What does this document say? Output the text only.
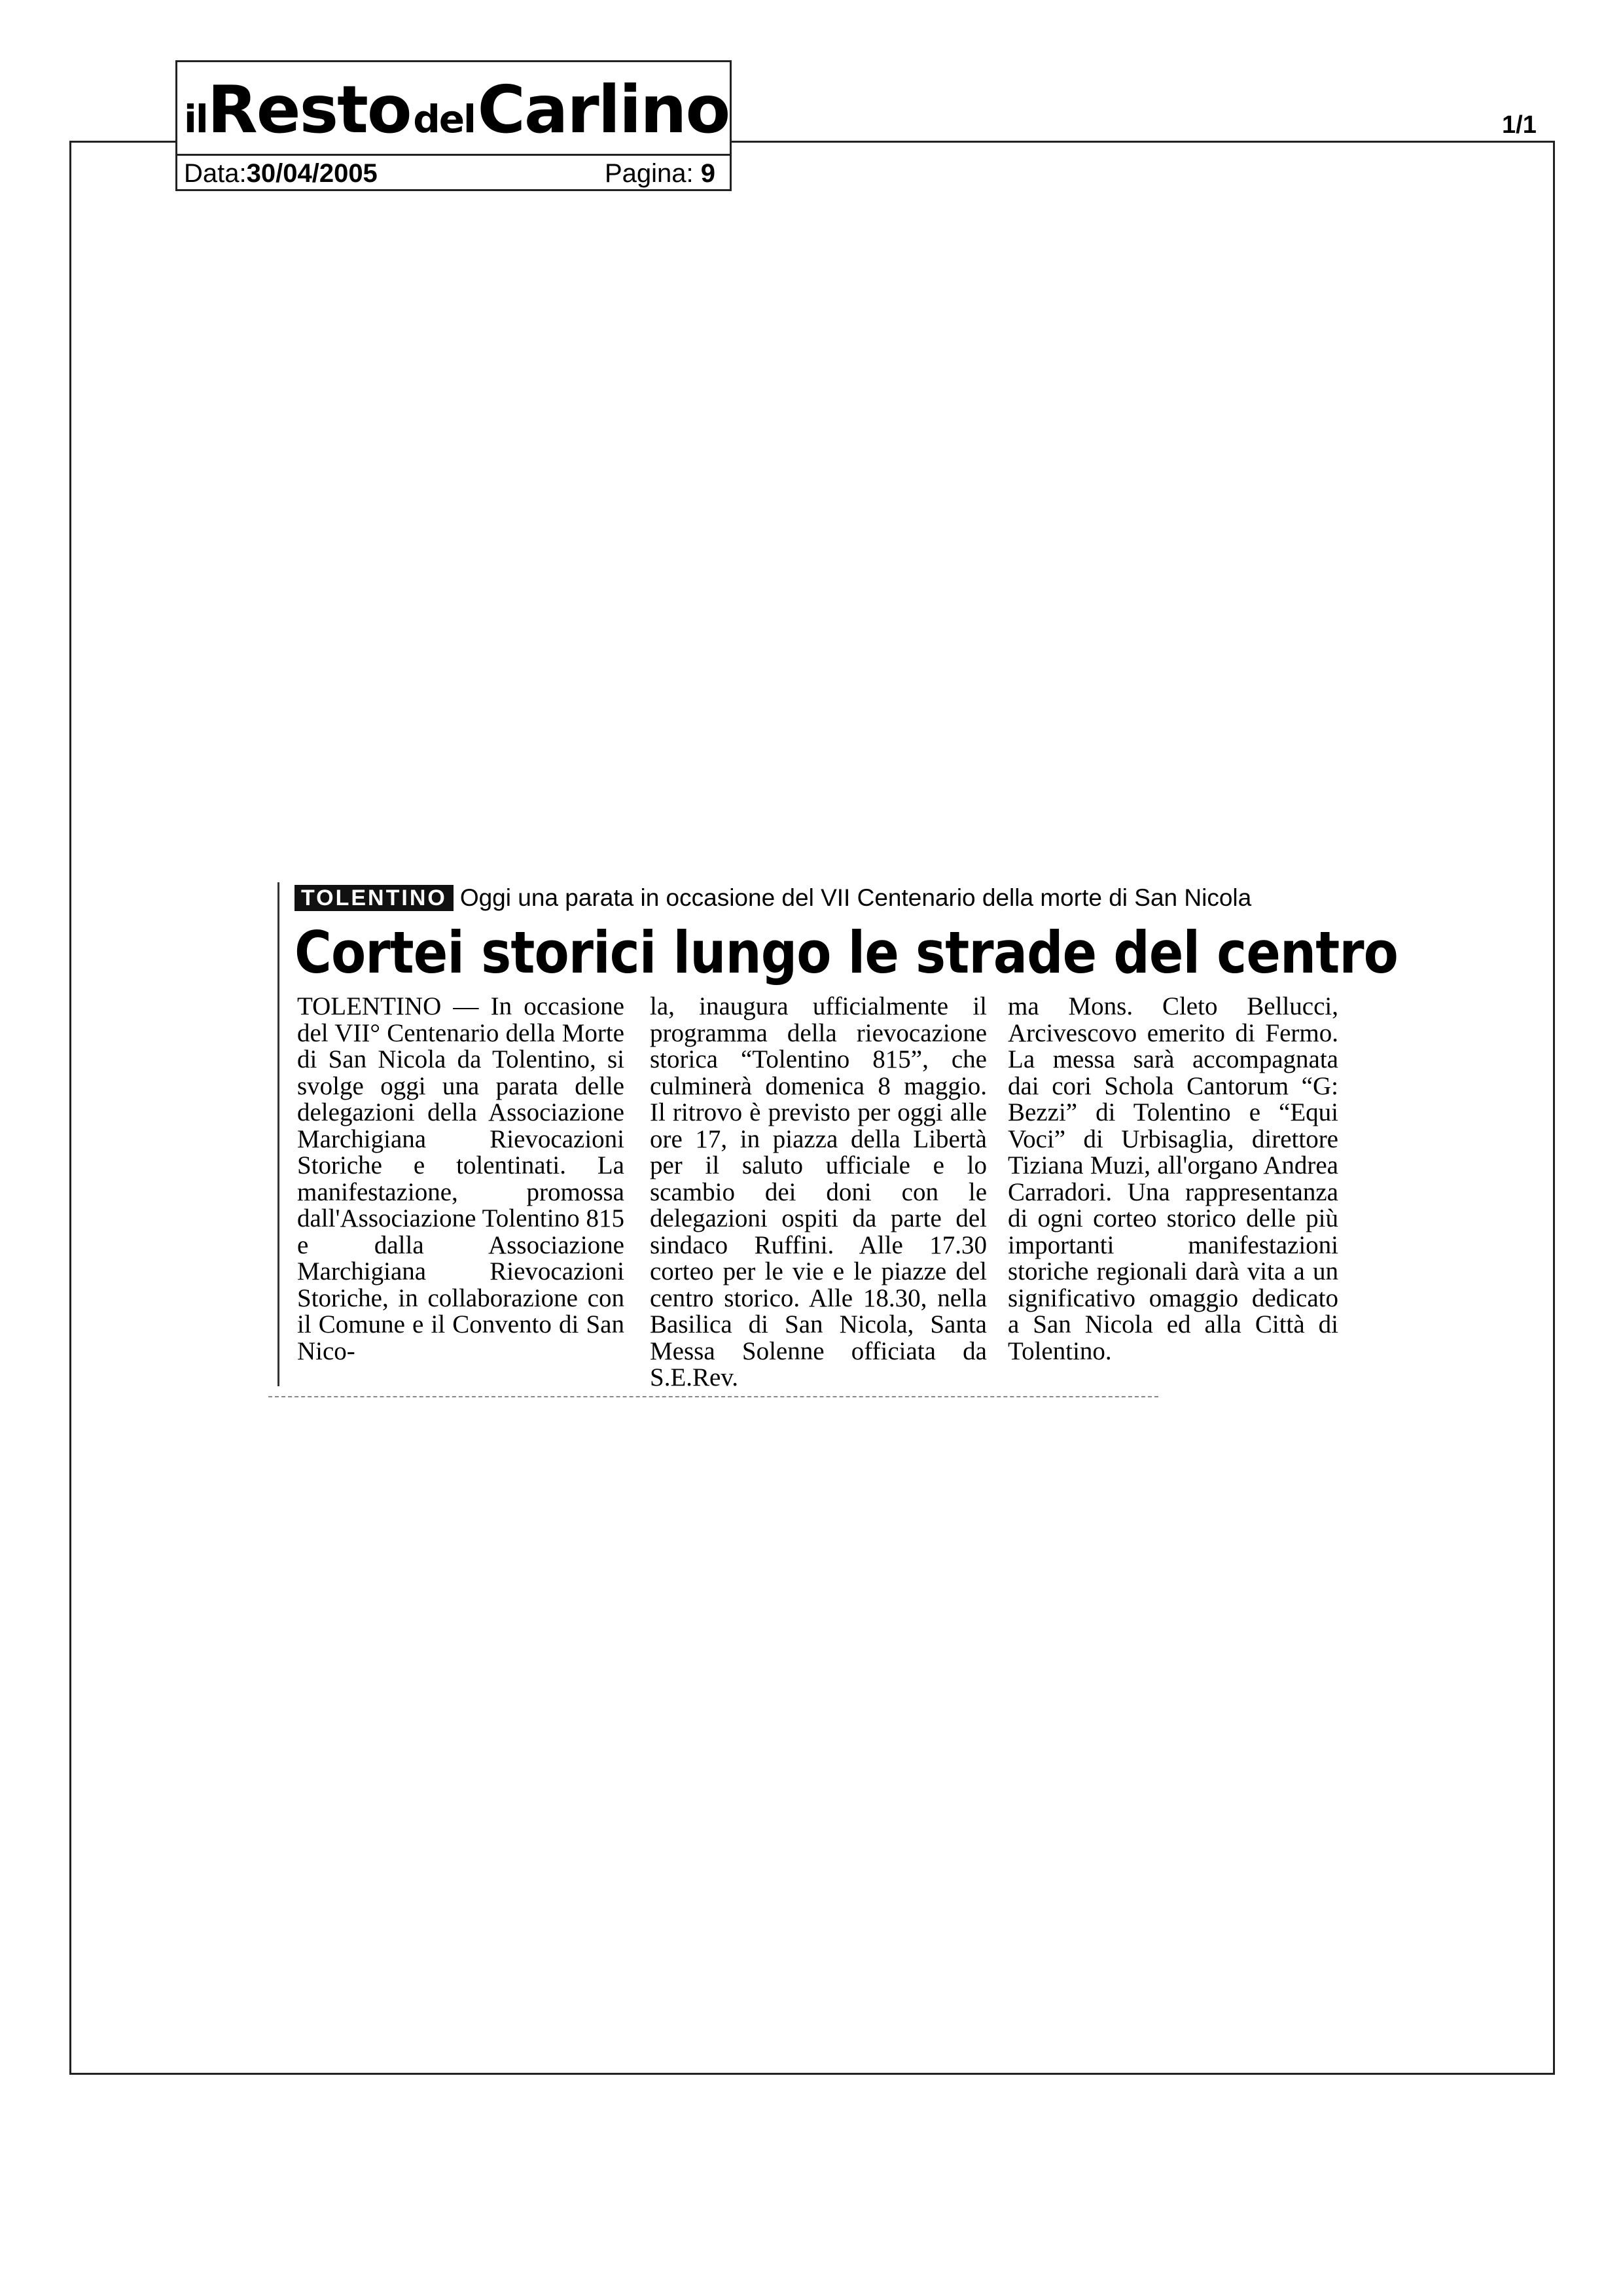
ilResto del Carlino
Data:30/04/2005	Pagina: 9
1/1
TOLENTINO Oggi una parata in occasione del VII Centenario della morte di San Nicola
Cortei storici lungo le strade del centro
TOLENTINO — In occasione del VII° Centenario della Morte di San Nicola da Tolentino, si svolge oggi una parata delle delegazioni della Associazione Marchigiana Rievocazioni Storiche e tolentinati. La manifestazione, promossa dall'Associazione Tolentino 815 e dalla Associazione Marchigiana Rievocazioni Storiche, in collaborazione con il Comune e il Convento di San Nico-
la, inaugura ufficialmente il programma della rievocazione storica “Tolentino 815”, che culminerà domenica 8 maggio. Il ritrovo è previsto per oggi alle ore 17, in piazza della Libertà per il saluto ufficiale e lo scambio dei doni con le delegazioni ospiti da parte del sindaco Ruffini. Alle 17.30 corteo per le vie e le piazze del centro storico. Alle 18.30, nella Basilica di San Nicola, Santa Messa Solenne officiata da S.E.Rev.
ma Mons. Cleto Bellucci, Arcivescovo emerito di Fermo. La messa sarà accompagnata dai cori Schola Cantorum “G: Bezzi” di Tolentino e “Equi Voci” di Urbisaglia, direttore Tiziana Muzi, all'organo Andrea Carradori. Una rappresentanza di ogni corteo storico delle più importanti manifestazioni storiche regionali darà vita a un significativo omaggio dedicato a San Nicola ed alla Città di Tolentino.
